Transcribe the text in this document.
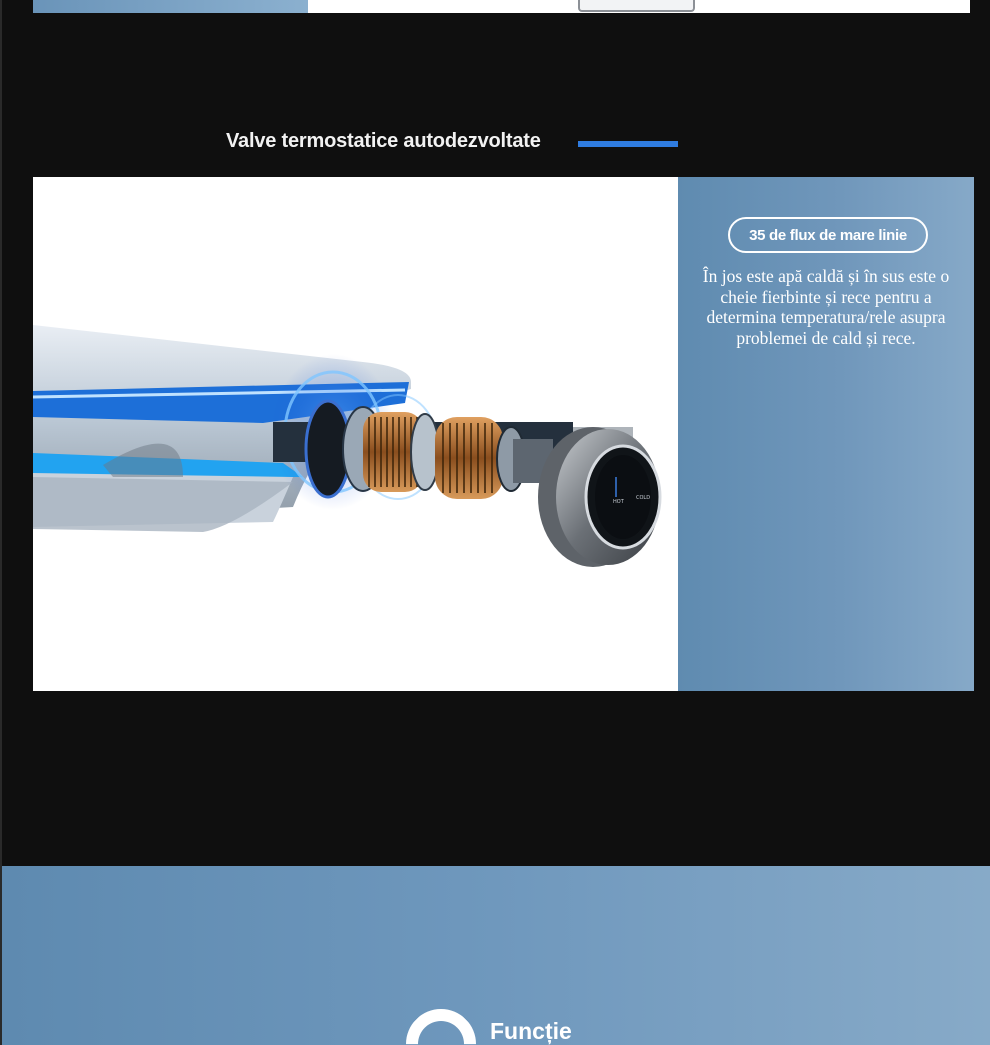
Valve termostatice autodezvoltate
HOT
COLD
35 de flux de mare linie
În jos este apă caldă și în sus este o cheie fierbinte și rece pentru a determina temperatura/rele asupra problemei de cald și rece.
Funcție
